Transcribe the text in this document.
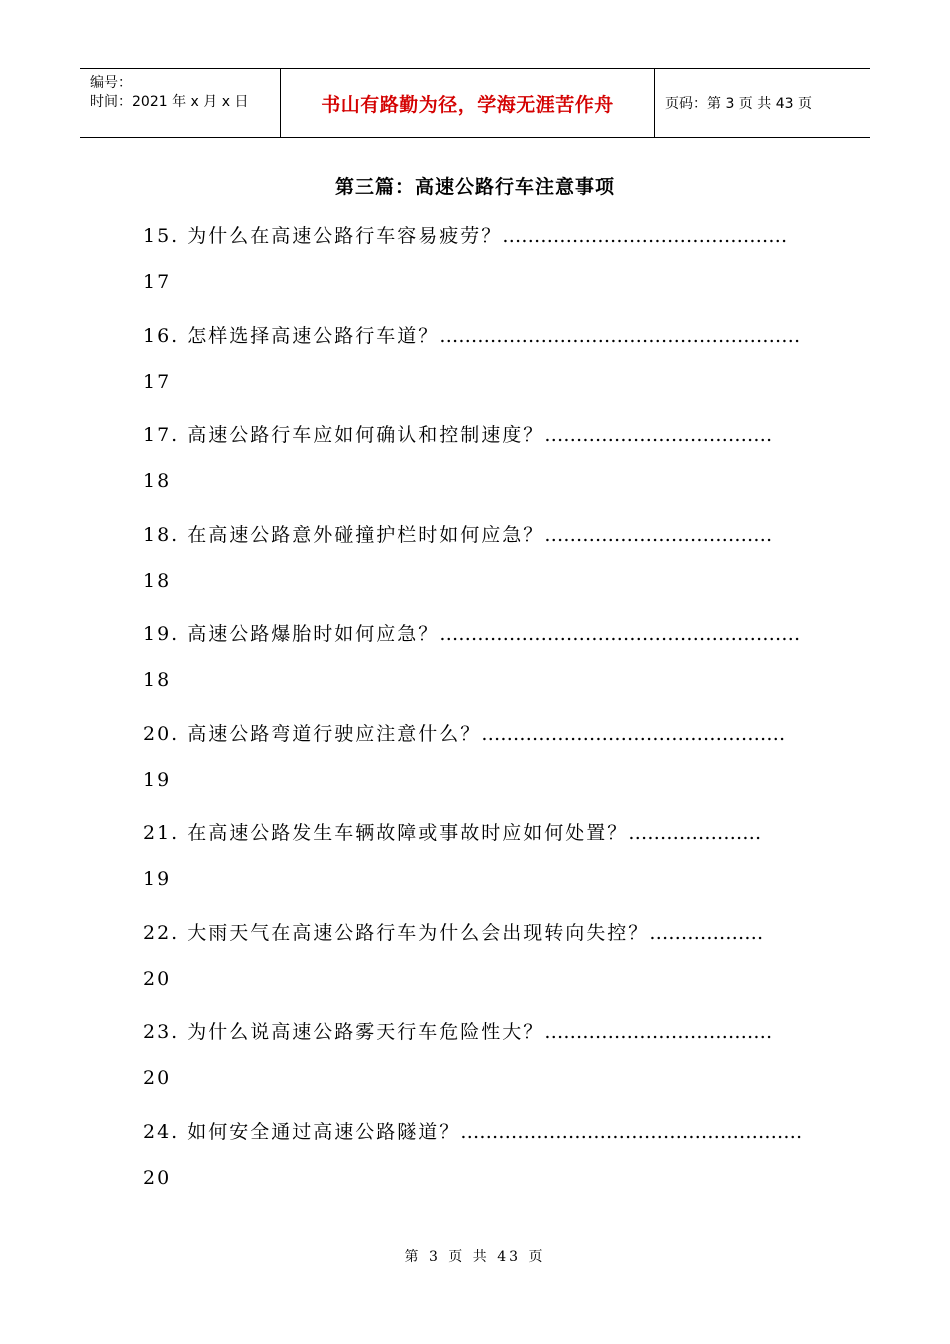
编号：
时间：2021 年 x 月 x 日	书山有路勤为径，学海无涯苦作舟	页码：第 3 页 共 43 页
第三篇：高速公路行车注意事项
15. 为什么在高速公路行车容易疲劳？………………………………………
17
16. 怎样选择高速公路行车道？…………………………………………………
17
17. 高速公路行车应如何确认和控制速度？………………………………
18
18. 在高速公路意外碰撞护栏时如何应急？………………………………
18
19. 高速公路爆胎时如何应急？…………………………………………………
18
20. 高速公路弯道行驶应注意什么？…………………………………………
19
21. 在高速公路发生车辆故障或事故时应如何处置？…………………
19
22. 大雨天气在高速公路行车为什么会出现转向失控？………………
20
23. 为什么说高速公路雾天行车危险性大？………………………………
20
24. 如何安全通过高速公路隧道？………………………………………………
20
第 3 页 共 43 页
